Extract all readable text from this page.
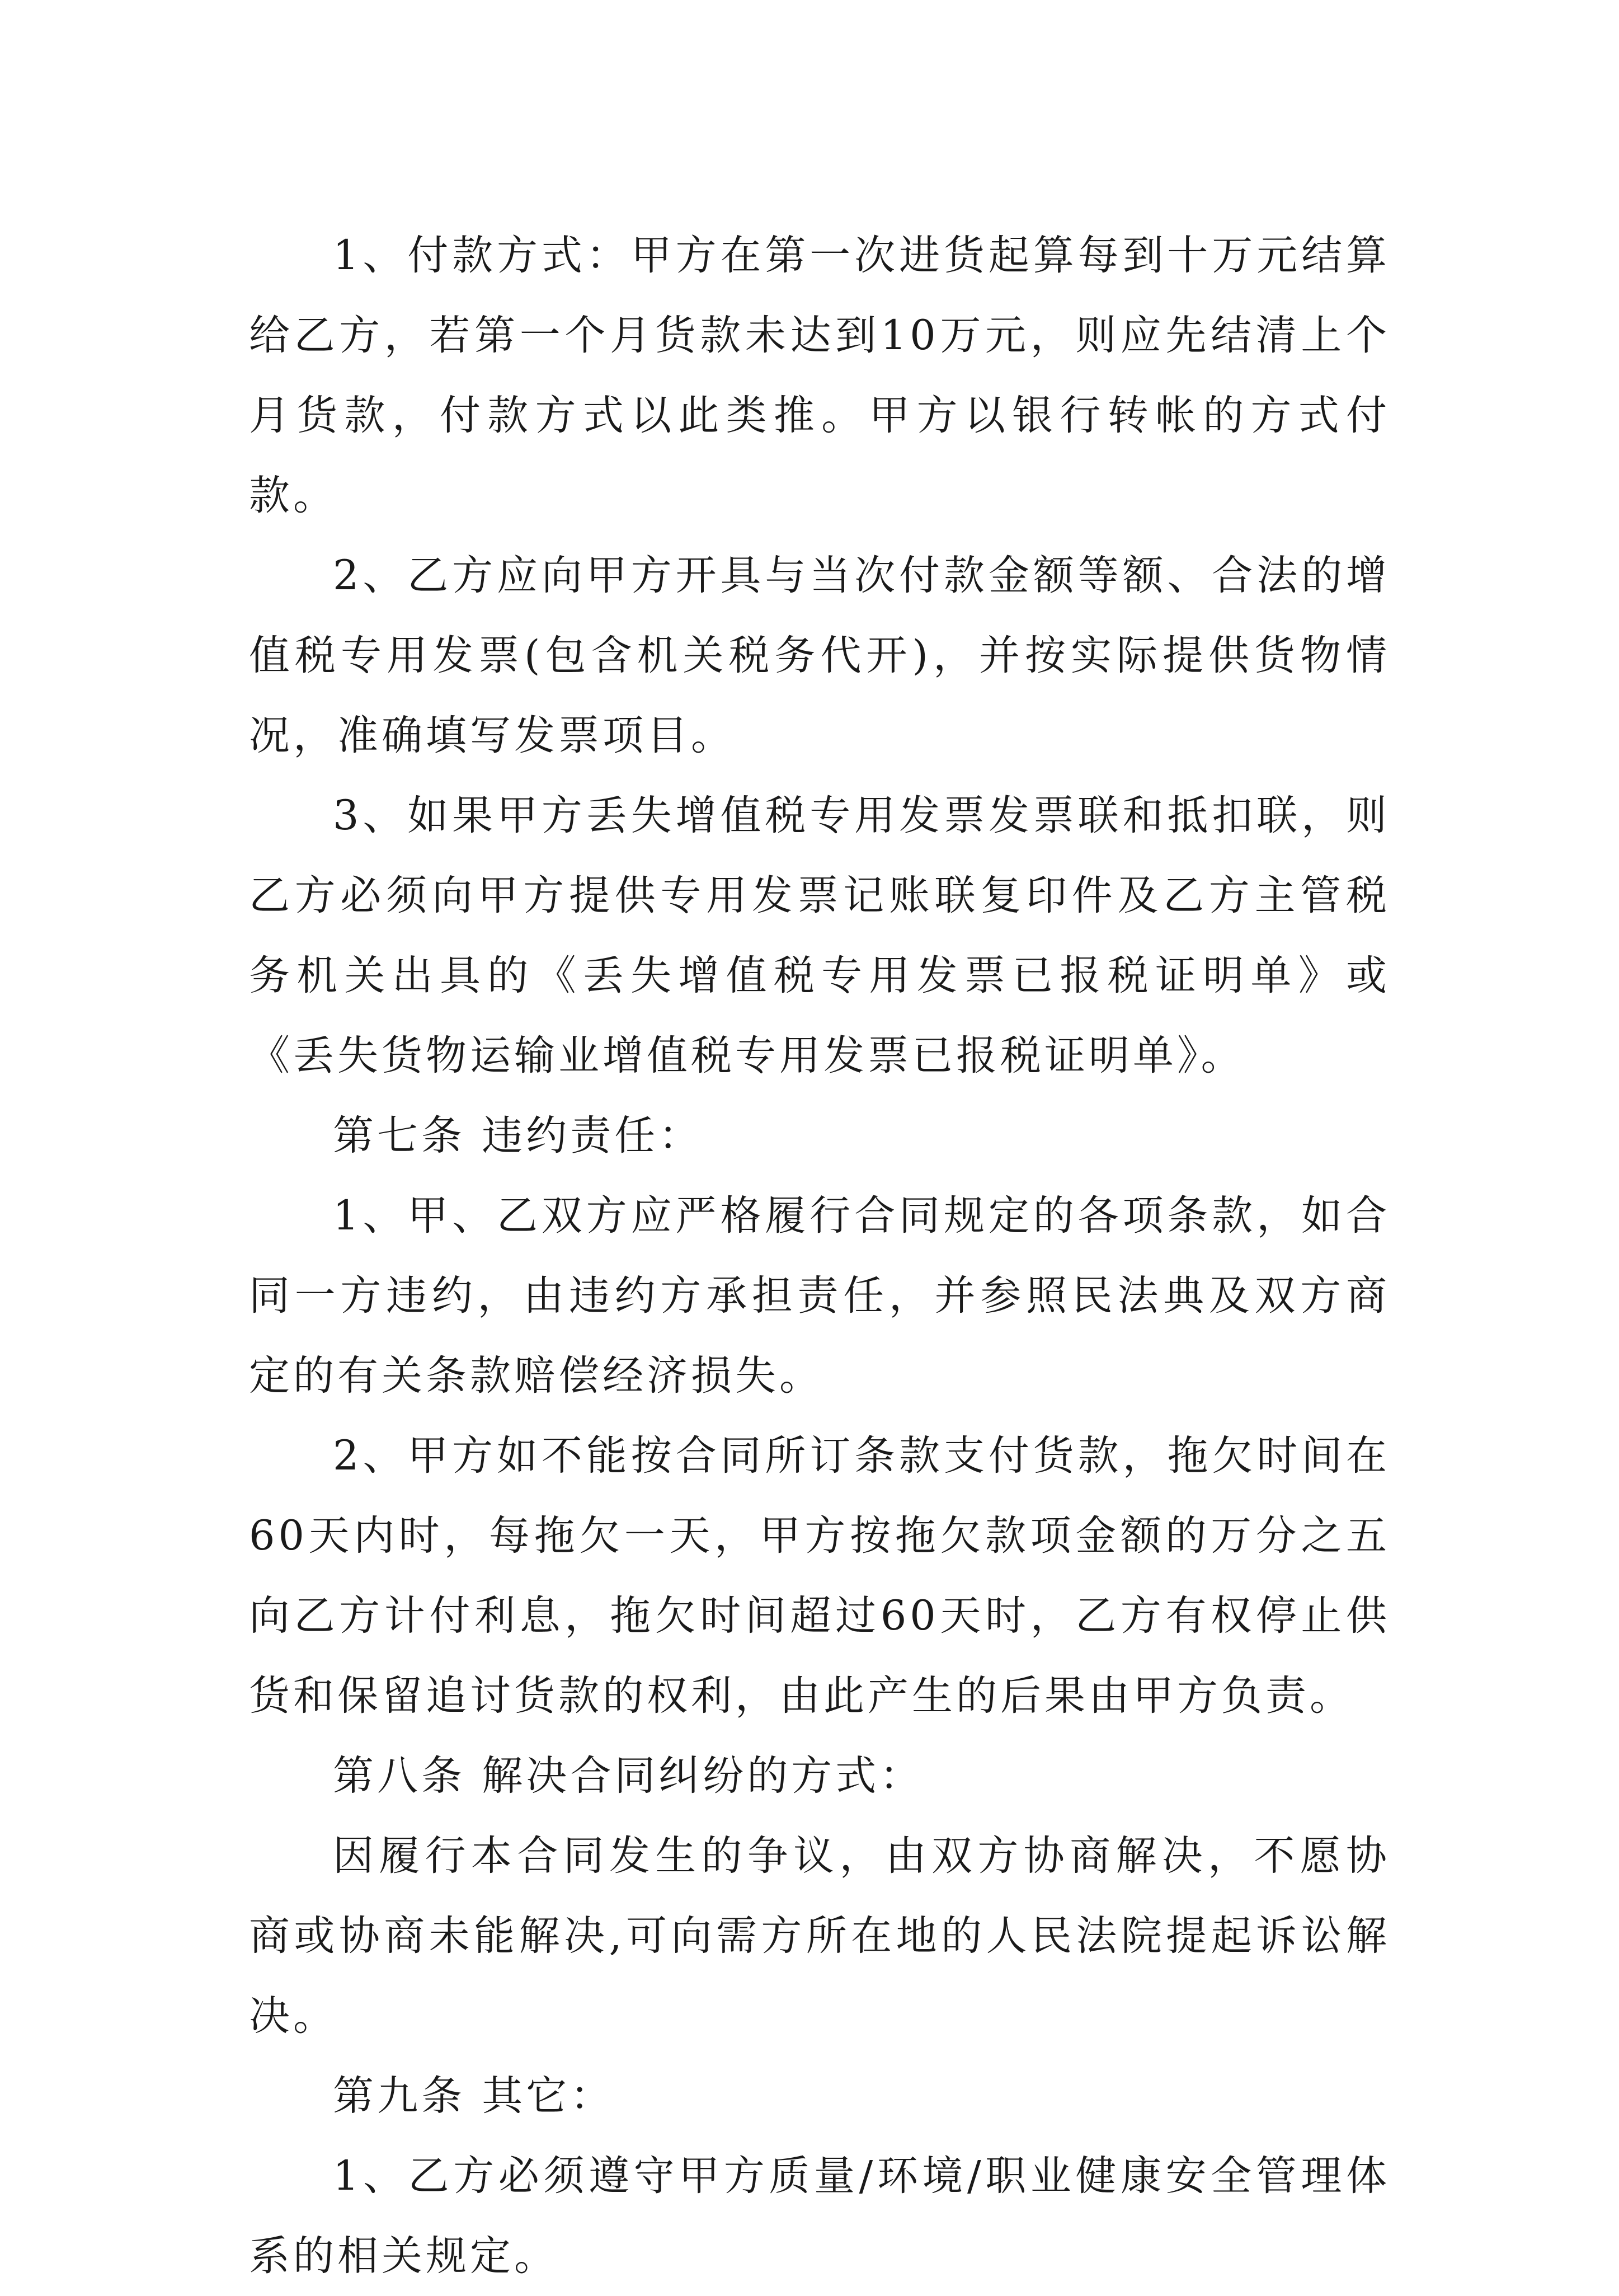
1、付款方式：甲方在第一次进货起算每到十万元结算给乙方，若第一个月货款未达到10万元，则应先结清上个月货款，付款方式以此类推。甲方以银行转帐的方式付款。

2、乙方应向甲方开具与当次付款金额等额、合法的增值税专用发票(包含机关税务代开)，并按实际提供货物情况，准确填写发票项目。

3、如果甲方丢失增值税专用发票发票联和抵扣联，则乙方必须向甲方提供专用发票记账联复印件及乙方主管税务机关出具的《丢失增值税专用发票已报税证明单》或《丢失货物运输业增值税专用发票已报税证明单》。

第七条 违约责任：

1、甲、乙双方应严格履行合同规定的各项条款，如合同一方违约，由违约方承担责任，并参照民法典及双方商定的有关条款赔偿经济损失。

2、甲方如不能按合同所订条款支付货款，拖欠时间在60天内时，每拖欠一天，甲方按拖欠款项金额的万分之五向乙方计付利息，拖欠时间超过60天时，乙方有权停止供货和保留追讨货款的权利，由此产生的后果由甲方负责。

第八条 解决合同纠纷的方式：

因履行本合同发生的争议，由双方协商解决，不愿协商或协商未能解决,可向需方所在地的人民法院提起诉讼解决。

第九条 其它：

1、乙方必须遵守甲方质量/环境/职业健康安全管理体系的相关规定。
